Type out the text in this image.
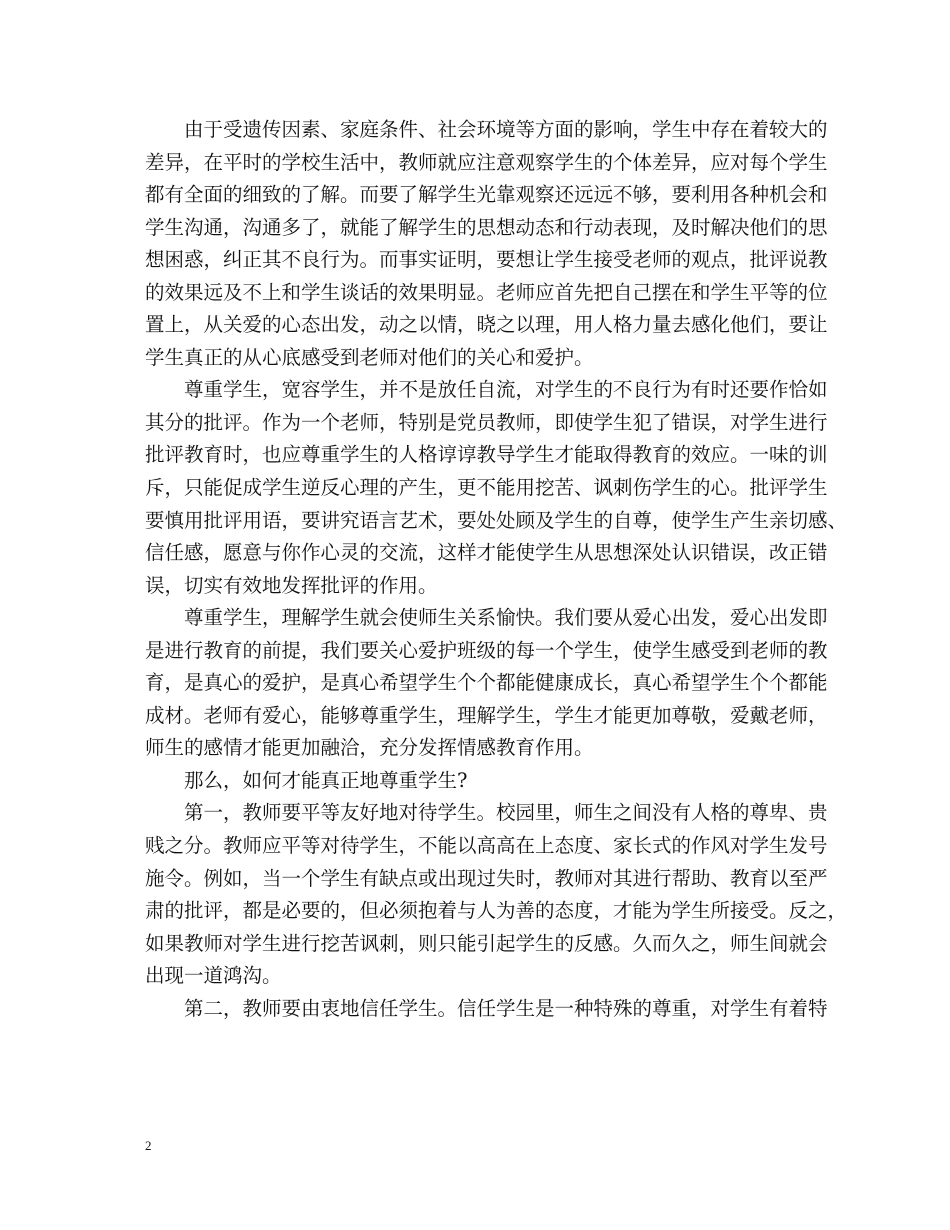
由于受遗传因素、家庭条件、社会环境等方面的影响，学生中存在着较大的
差异，在平时的学校生活中，教师就应注意观察学生的个体差异，应对每个学生
都有全面的细致的了解。而要了解学生光靠观察还远远不够，要利用各种机会和
学生沟通，沟通多了，就能了解学生的思想动态和行动表现，及时解决他们的思
想困惑，纠正其不良行为。而事实证明，要想让学生接受老师的观点，批评说教
的效果远及不上和学生谈话的效果明显。老师应首先把自己摆在和学生平等的位
置上，从关爱的心态出发，动之以情，晓之以理，用人格力量去感化他们，要让
学生真正的从心底感受到老师对他们的关心和爱护。
尊重学生，宽容学生，并不是放任自流，对学生的不良行为有时还要作恰如
其分的批评。作为一个老师，特别是党员教师，即使学生犯了错误，对学生进行
批评教育时，也应尊重学生的人格谆谆教导学生才能取得教育的效应。一味的训
斥，只能促成学生逆反心理的产生，更不能用挖苦、讽刺伤学生的心。批评学生
要慎用批评用语，要讲究语言艺术，要处处顾及学生的自尊，使学生产生亲切感、
信任感，愿意与你作心灵的交流，这样才能使学生从思想深处认识错误，改正错
误，切实有效地发挥批评的作用。
尊重学生，理解学生就会使师生关系愉快。我们要从爱心出发，爱心出发即
是进行教育的前提，我们要关心爱护班级的每一个学生，使学生感受到老师的教
育，是真心的爱护，是真心希望学生个个都能健康成长，真心希望学生个个都能
成材。老师有爱心，能够尊重学生，理解学生，学生才能更加尊敬，爱戴老师，
师生的感情才能更加融洽，充分发挥情感教育作用。
那么，如何才能真正地尊重学生?
第一，教师要平等友好地对待学生。校园里，师生之间没有人格的尊卑、贵
贱之分。教师应平等对待学生，不能以高高在上态度、家长式的作风对学生发号
施令。例如，当一个学生有缺点或出现过失时，教师对其进行帮助、教育以至严
肃的批评，都是必要的，但必须抱着与人为善的态度，才能为学生所接受。反之，
如果教师对学生进行挖苦讽刺，则只能引起学生的反感。久而久之，师生间就会
出现一道鸿沟。
第二，教师要由衷地信任学生。信任学生是一种特殊的尊重，对学生有着特
2
